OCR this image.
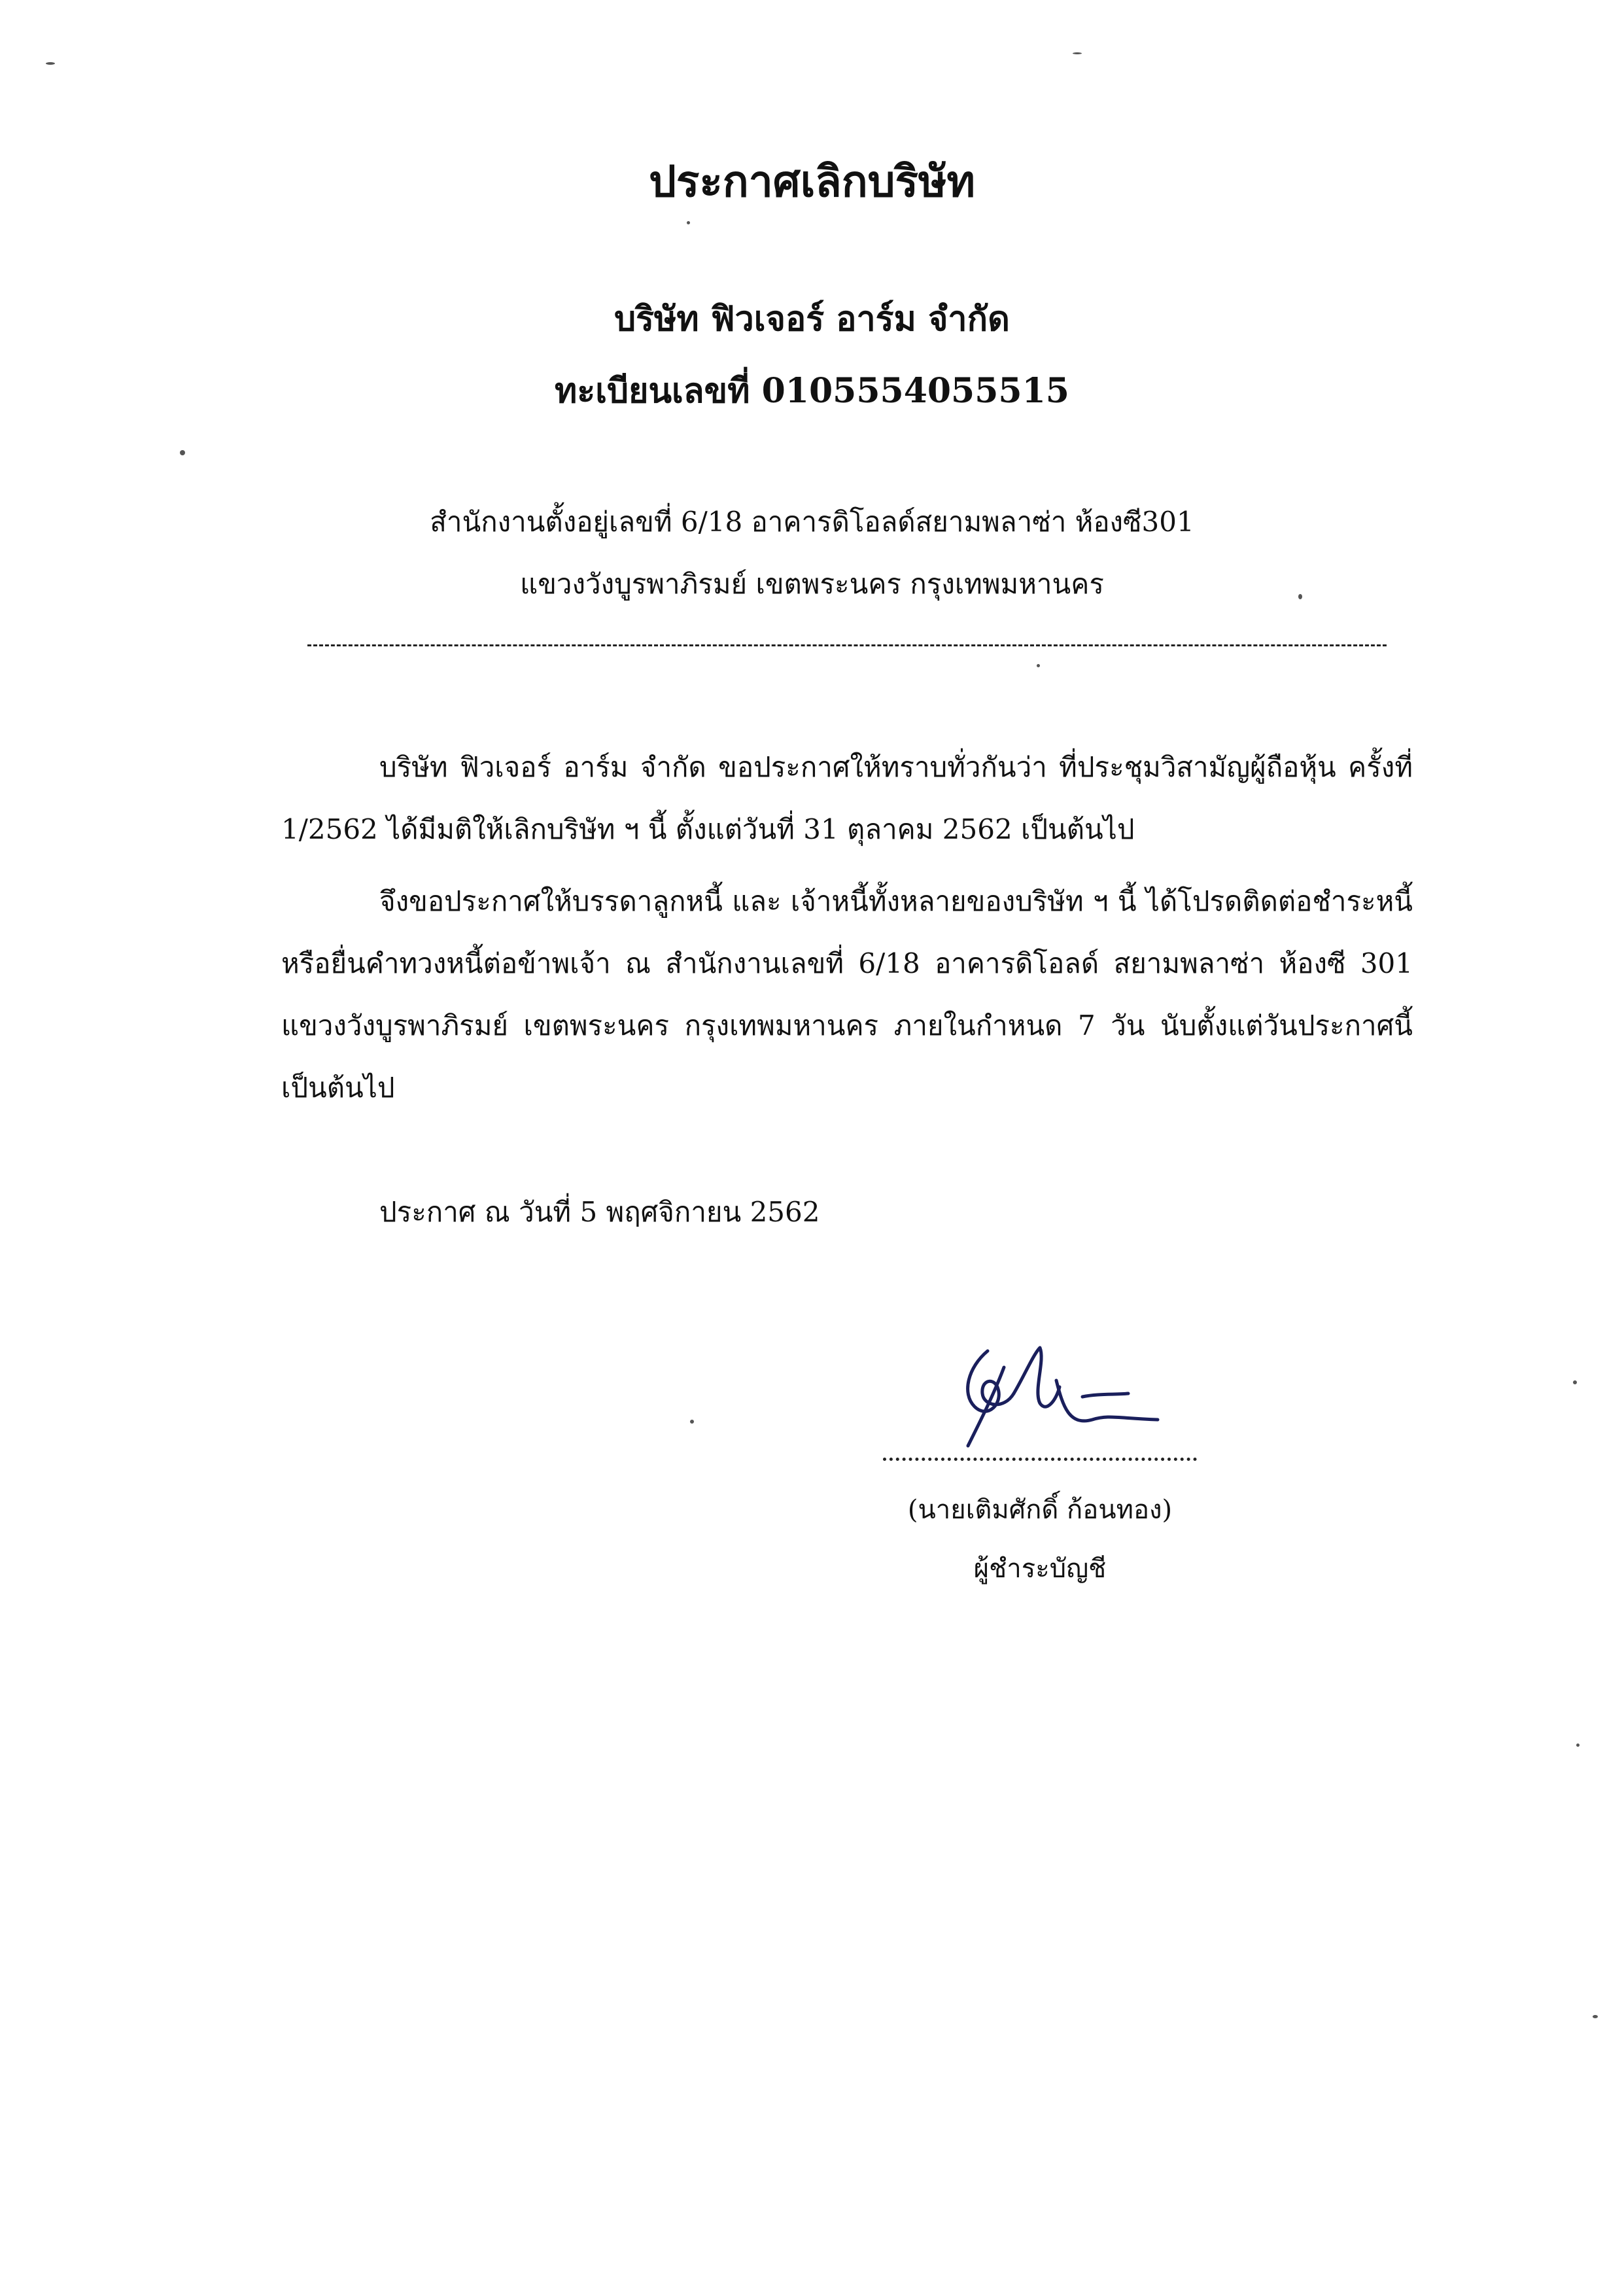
ประกาศเลิกบริษัท
บริษัท ฟิวเจอร์ อาร์ม จำกัด
ทะเบียนเลขที่ 0105554055515
สำนักงานตั้งอยู่เลขที่ 6/18 อาคารดิโอลด์สยามพลาซ่า ห้องซี301
แขวงวังบูรพาภิรมย์ เขตพระนคร กรุงเทพมหานคร

บริษัท ฟิวเจอร์ อาร์ม จำกัด ขอประกาศให้ทราบทั่วกันว่า ที่ประชุมวิสามัญผู้ถือหุ้น ครั้งที่ 1/2562 ได้มีมติให้เลิกบริษัท ฯ นี้ ตั้งแต่วันที่ 31 ตุลาคม 2562 เป็นต้นไป

จึงขอประกาศให้บรรดาลูกหนี้ และ เจ้าหนี้ทั้งหลายของบริษัท ฯ นี้ ได้โปรดติดต่อชำระหนี้หรือยื่นคำทวงหนี้ต่อข้าพเจ้า ณ สำนักงานเลขที่ 6/18 อาคารดิโอลด์ สยามพลาซ่า ห้องซี 301 แขวงวังบูรพาภิรมย์ เขตพระนคร กรุงเทพมหานคร ภายในกำหนด 7 วัน นับตั้งแต่วันประกาศนี้เป็นต้นไป

ประกาศ ณ วันที่ 5 พฤศจิกายน 2562
(นายเติมศักดิ์ ก้อนทอง)
ผู้ชำระบัญชี
